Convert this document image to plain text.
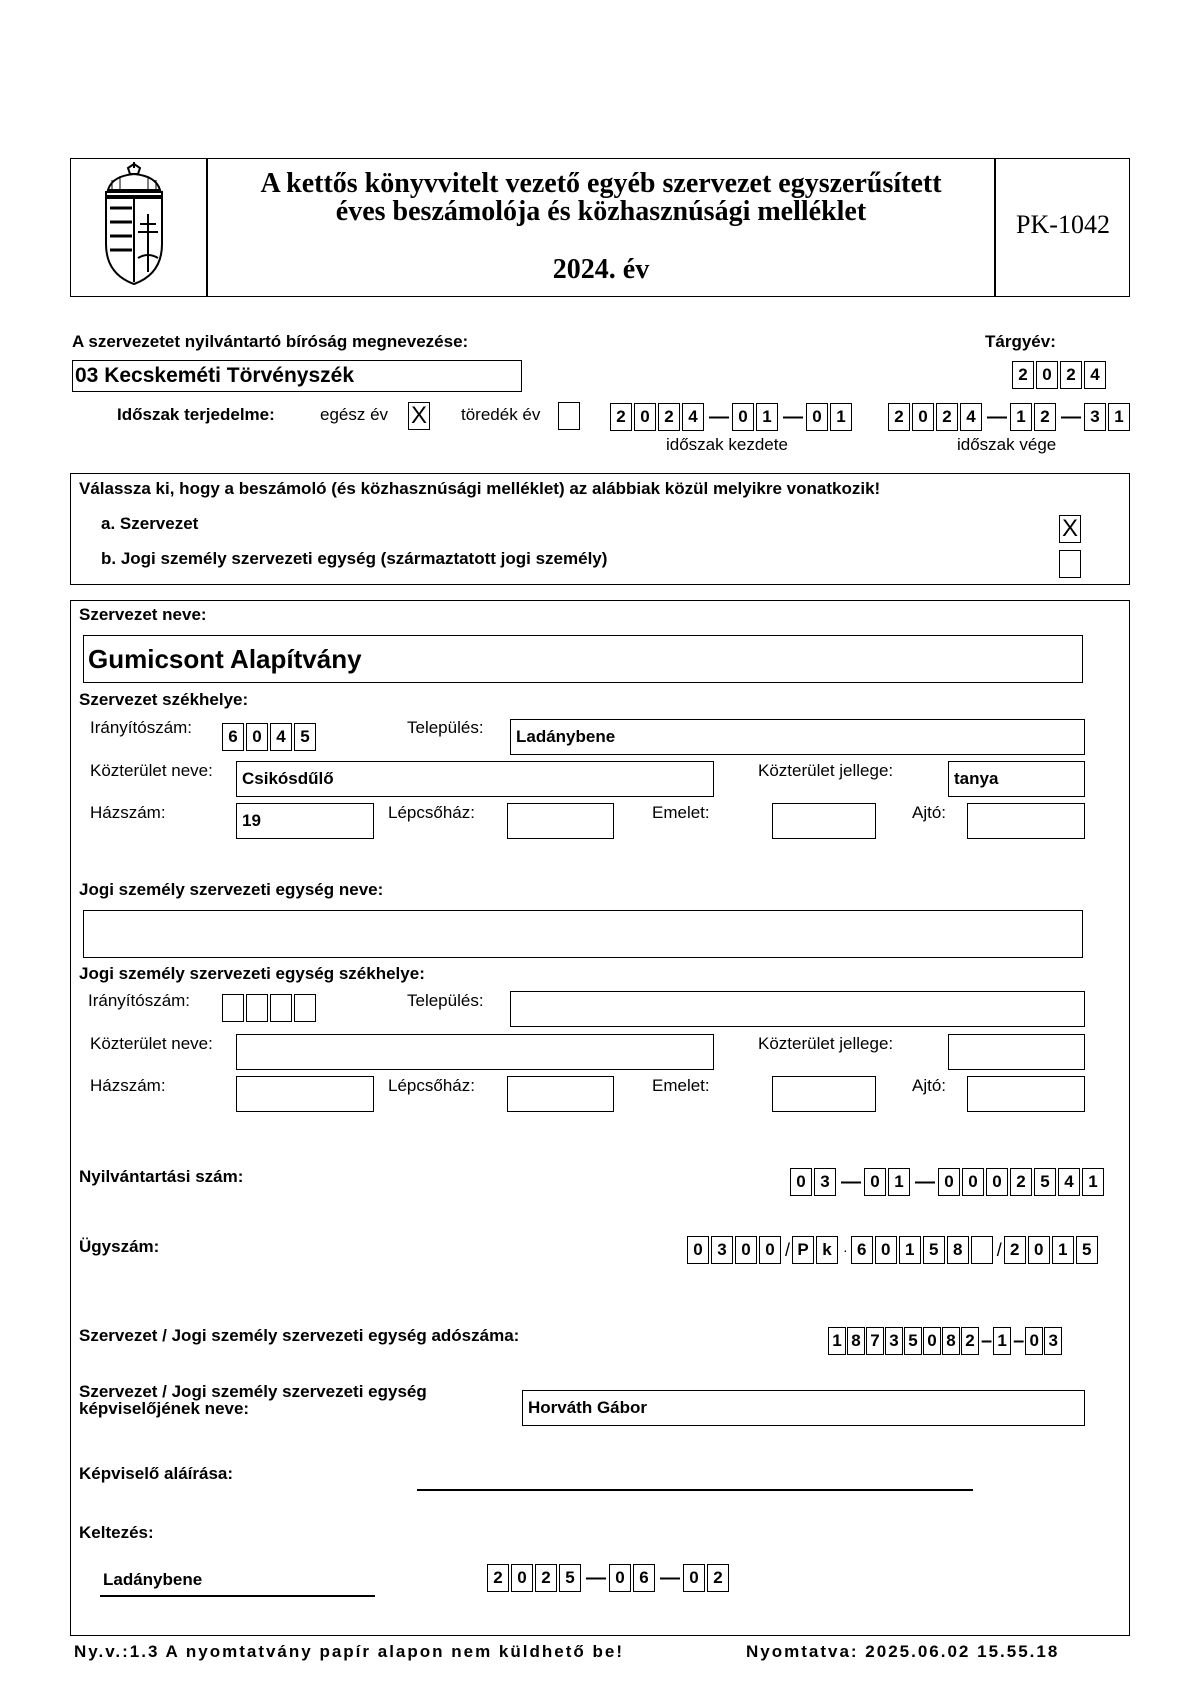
A kettős könyvvitelt vezető egyéb szervezet egyszerűsített
éves beszámolója és közhasznúsági melléklet
2024. év
PK-1042
A szervezetet nyilvántartó bíróság megnevezése:
03 Kecskeméti Törvényszék
Tárgyév:
2 0 2 4
Időszak terjedelme:	egész év X töredék év	2 0 2 4 — 0 1 — 0 1
időszak kezdete
2 0 2 4 — 1 2 — 3 1
időszak vége
Válassza ki, hogy a beszámoló (és közhasznúsági melléklet) az alábbiak közül melyikre vonatkozik!
a. Szervezet	X
b. Jogi személy szervezeti egység (származtatott jogi személy)
Szervezet neve:
Gumicsont Alapítvány
Szervezet székhelye:
Irányítószám:	6 0 4 5	Település:	Ladánybene
Közterület neve:	Csikósdűlő	Közterület jellege:	tanya
Házszám:	19	Lépcsőház:	Emelet:	Ajtó:
Jogi személy szervezeti egység neve:
Jogi személy szervezeti egység székhelye:
Irányítószám:	Település:
Közterület neve:	Közterület jellege:
Házszám:	Lépcsőház:	Emelet:	Ajtó:
Nyilvántartási szám:	0 3 — 0 1 — 0 0 0 2 5 4 1
Ügyszám:	0 3 0 0 / P k · 6 0 1 5 8	/ 2 0 1 5
Szervezet / Jogi személy szervezeti egység adószáma:	1 8 7 3 5 0 8 2 – 1 – 0 3
Szervezet / Jogi személy szervezeti egység
képviselőjének neve:	Horváth Gábor
Képviselő aláírása:
Keltezés:
Ladánybene	2 0 2 5 — 0 6 — 0 2
Ny.v.:1.3 A nyomtatvány papír alapon nem küldhető be!	Nyomtatva: 2025.06.02 15.55.18
